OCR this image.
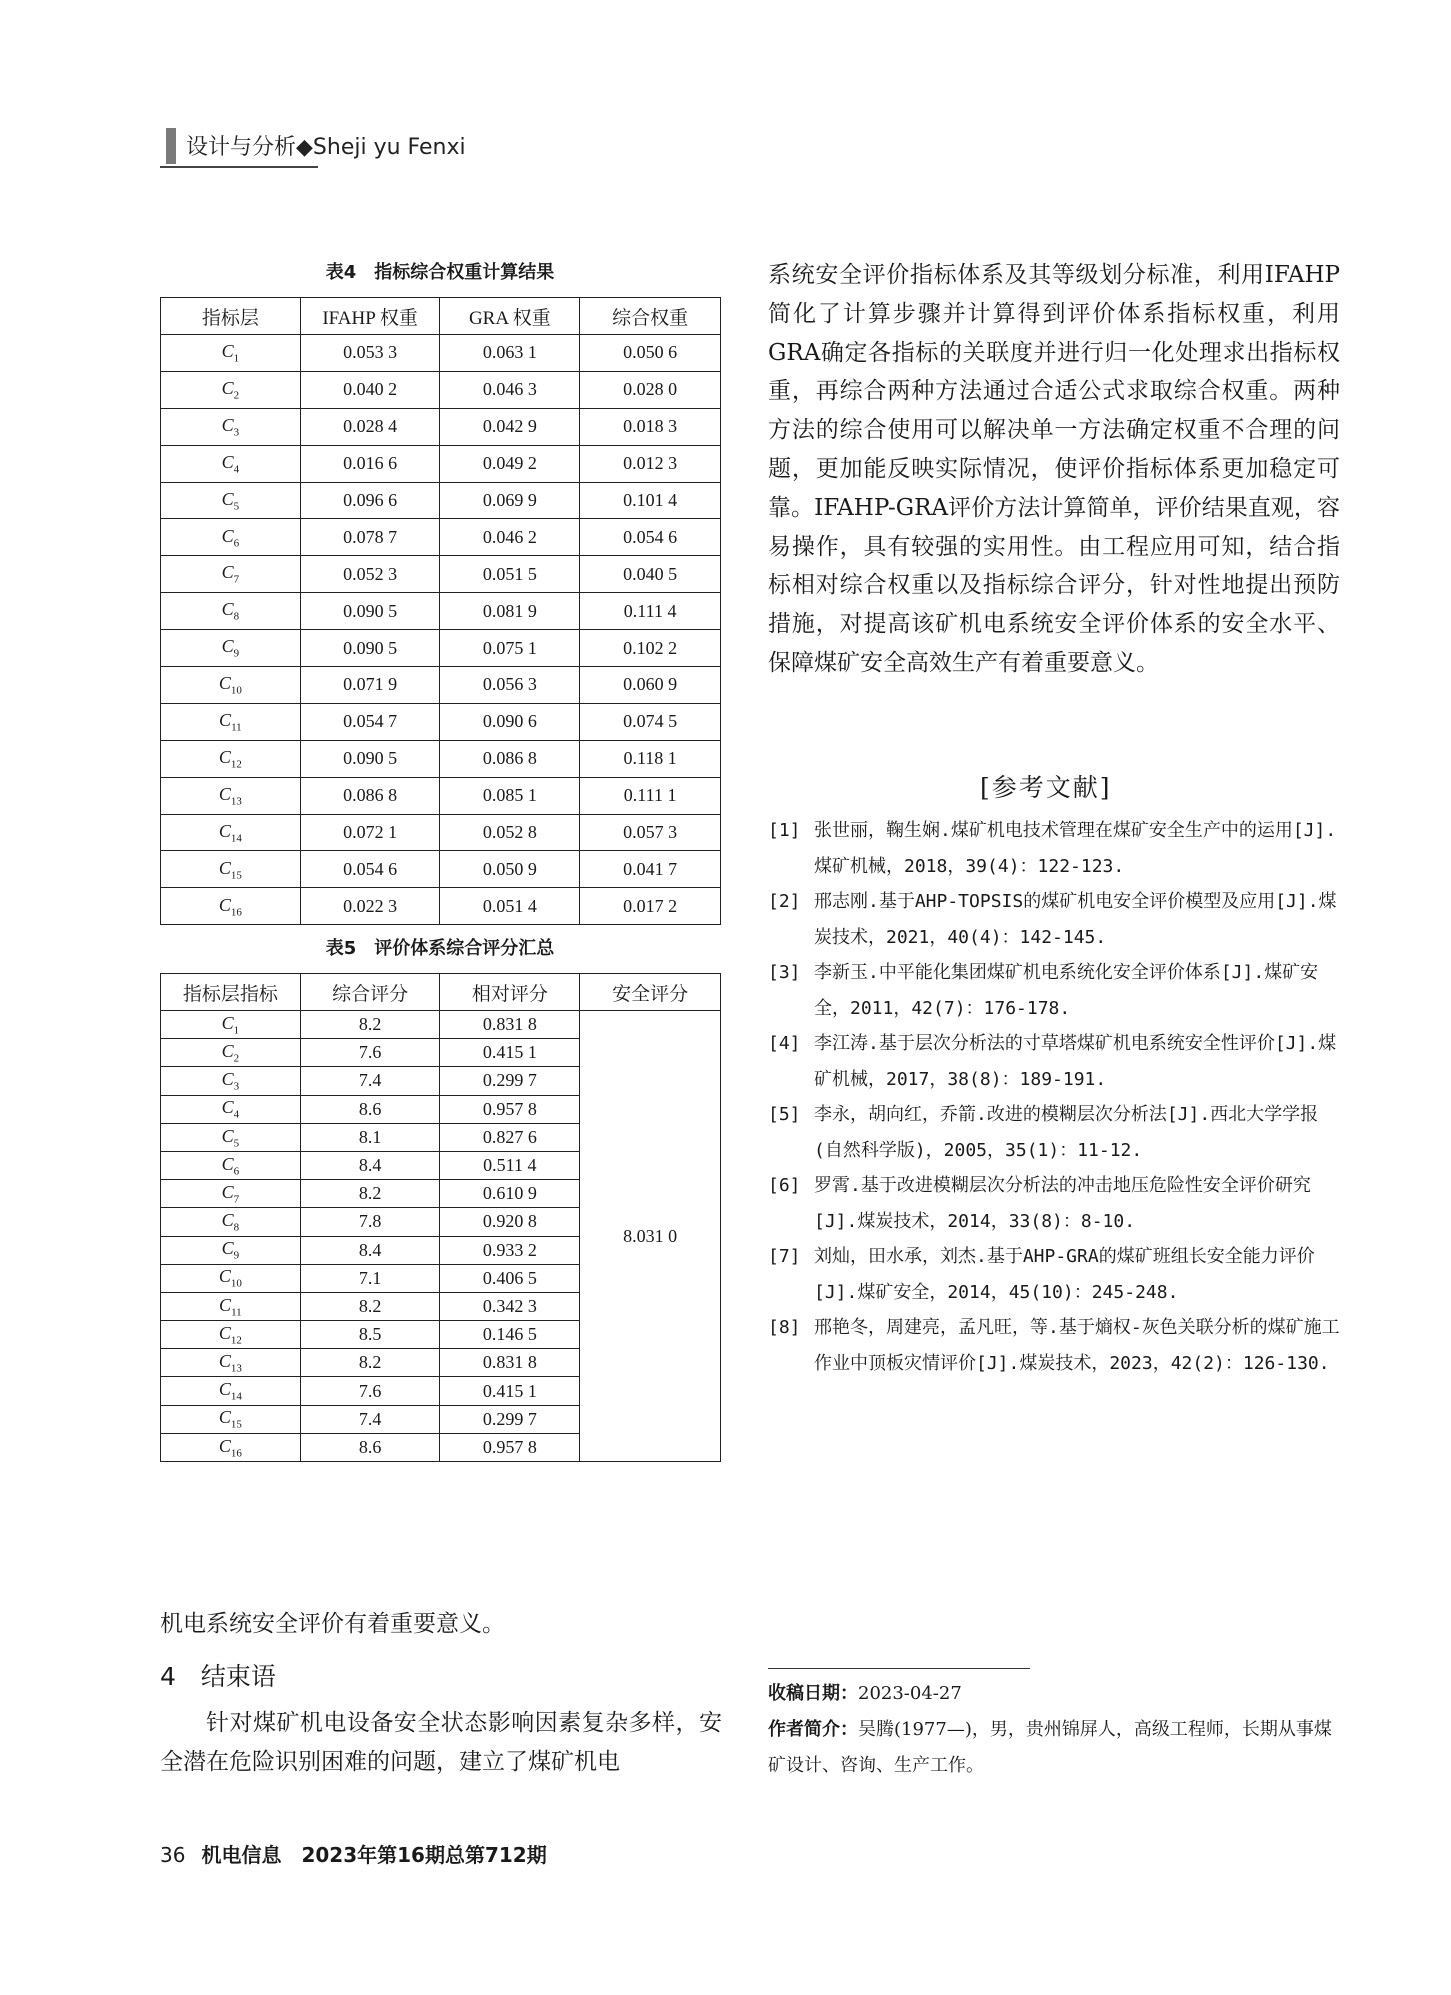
设计与分析◆Sheji yu Fenxi
表4　指标综合权重计算结果
指标层	IFAHP 权重	GRA 权重	综合权重
$C_1$	0.053 3	0.063 1	0.050 6
$C_2$	0.040 2	0.046 3	0.028 0
$C_3$	0.028 4	0.042 9	0.018 3
$C_4$	0.016 6	0.049 2	0.012 3
$C_5$	0.096 6	0.069 9	0.101 4
$C_6$	0.078 7	0.046 2	0.054 6
$C_7$	0.052 3	0.051 5	0.040 5
$C_8$	0.090 5	0.081 9	0.111 4
$C_9$	0.090 5	0.075 1	0.102 2
$C_{10}$	0.071 9	0.056 3	0.060 9
$C_{11}$	0.054 7	0.090 6	0.074 5
$C_{12}$	0.090 5	0.086 8	0.118 1
$C_{13}$	0.086 8	0.085 1	0.111 1
$C_{14}$	0.072 1	0.052 8	0.057 3
$C_{15}$	0.054 6	0.050 9	0.041 7
$C_{16}$	0.022 3	0.051 4	0.017 2
表5　评价体系综合评分汇总
指标层指标	综合评分	相对评分	安全评分
$C_1$	8.2	0.831 8	8.031 0
$C_2$	7.6	0.415 1	
$C_3$	7.4	0.299 7	
$C_4$	8.6	0.957 8	
$C_5$	8.1	0.827 6	
$C_6$	8.4	0.511 4	
$C_7$	8.2	0.610 9	
$C_8$	7.8	0.920 8	
$C_9$	8.4	0.933 2	
$C_{10}$	7.1	0.406 5	
$C_{11}$	8.2	0.342 3	
$C_{12}$	8.5	0.146 5	
$C_{13}$	8.2	0.831 8	
$C_{14}$	7.6	0.415 1	
$C_{15}$	7.4	0.299 7	
$C_{16}$	8.6	0.957 8	
机电系统安全评价有着重要意义。
4　结束语
针对煤矿机电设备安全状态影响因素复杂多样，安全潜在危险识别困难的问题，建立了煤矿机电
系统安全评价指标体系及其等级划分标准，利用IFAHP简化了计算步骤并计算得到评价体系指标权重，利用GRA确定各指标的关联度并进行归一化处理求出指标权重，再综合两种方法通过合适公式求取综合权重。两种方法的综合使用可以解决单一方法确定权重不合理的问题，更加能反映实际情况，使评价指标体系更加稳定可靠。IFAHP-GRA评价方法计算简单，评价结果直观，容易操作，具有较强的实用性。由工程应用可知，结合指标相对综合权重以及指标综合评分，针对性地提出预防措施，对提高该矿机电系统安全评价体系的安全水平、保障煤矿安全高效生产有着重要意义。
[参考文献]
[1] 张世丽，鞠生娴.煤矿机电技术管理在煤矿安全生产中的运用[J].煤矿机械，2018，39(4)：122-123.
[2] 邢志刚.基于AHP-TOPSIS的煤矿机电安全评价模型及应用[J].煤炭技术，2021，40(4)：142-145.
[3] 李新玉.中平能化集团煤矿机电系统化安全评价体系[J].煤矿安全，2011，42(7)：176-178.
[4] 李江涛.基于层次分析法的寸草塔煤矿机电系统安全性评价[J].煤矿机械，2017，38(8)：189-191.
[5] 李永，胡向红，乔箭.改进的模糊层次分析法[J].西北大学学报(自然科学版)，2005，35(1)：11-12.
[6] 罗霄.基于改进模糊层次分析法的冲击地压危险性安全评价研究[J].煤炭技术，2014，33(8)：8-10.
[7] 刘灿，田水承，刘杰.基于AHP-GRA的煤矿班组长安全能力评价[J].煤矿安全，2014，45(10)：245-248.
[8] 邢艳冬，周建亮，孟凡旺，等.基于熵权-灰色关联分析的煤矿施工作业中顶板灾情评价[J].煤炭技术，2023，42(2)：126-130.
收稿日期：2023-04-27
作者简介：吴腾(1977—)，男，贵州锦屏人，高级工程师，长期从事煤矿设计、咨询、生产工作。
36 机电信息　2023年第16期总第712期
